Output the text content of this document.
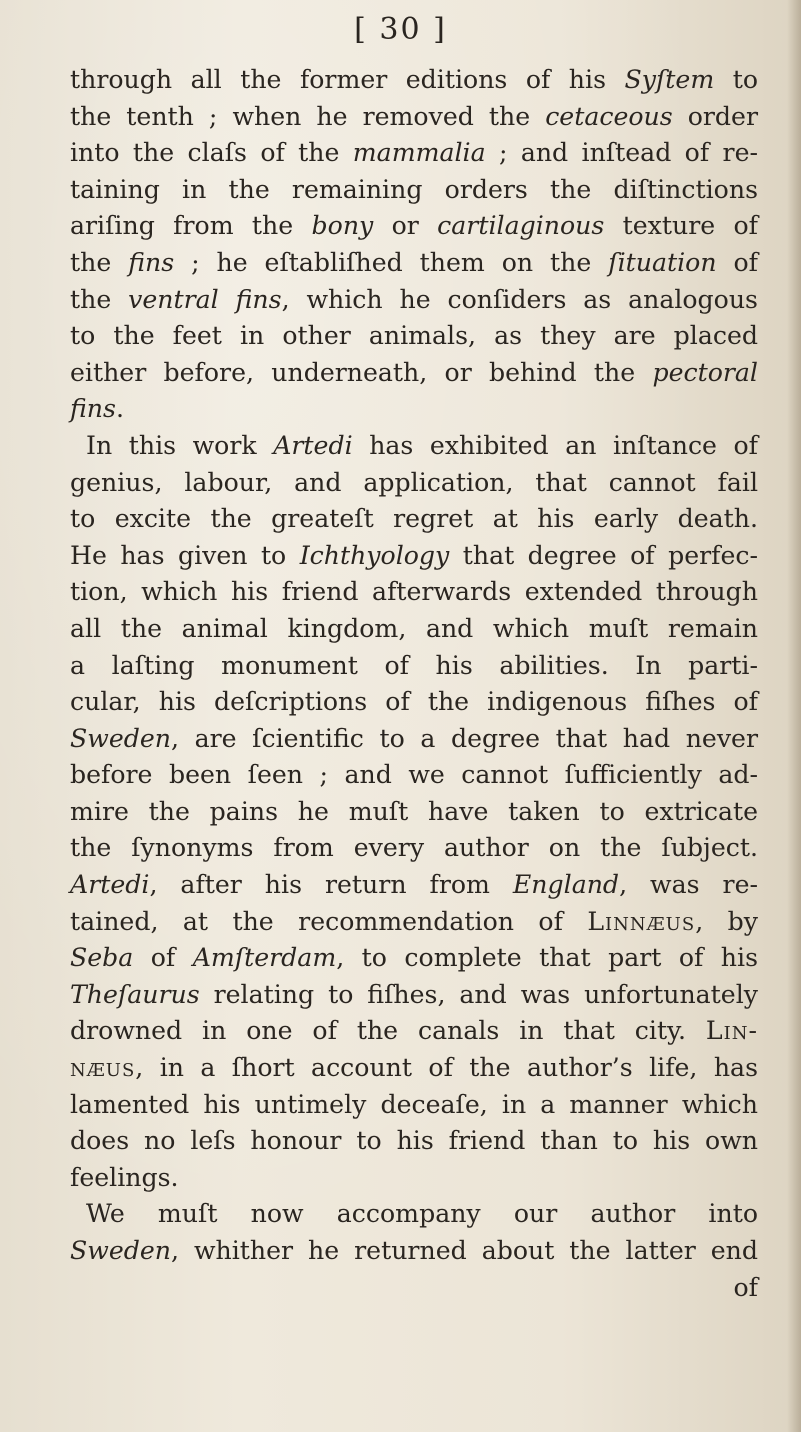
[ 30 ]
through all the former editions of his Syſtem to
the tenth ; when he removed the cetaceous order
into the claſs of the mammalia ; and inſtead of re-
taining in the remaining orders the diſtinctions
ariſing from the bony or cartilaginous texture of
the fins ; he eſtabliſhed them on the ſituation of
the ventral fins, which he conſiders as analogous
to the feet in other animals, as they are placed
either before, underneath, or behind the pectoral
fins.
In this work Artedi has exhibited an inſtance of
genius, labour, and application, that cannot fail
to excite the greateſt regret at his early death.
He has given to Ichthyology that degree of perfec-
tion, which his friend afterwards extended through
all the animal kingdom, and which muſt remain
a laſting monument of his abilities. In parti-
cular, his deſcriptions of the indigenous fiſhes of
Sweden, are ſcientific to a degree that had never
before been ſeen ; and we cannot ſufficiently ad-
mire the pains he muſt have taken to extricate
the ſynonyms from every author on the ſubject.
Artedi, after his return from England, was re-
tained, at the recommendation of Linnæus, by
Seba of Amſterdam, to complete that part of his
Theſaurus relating to fiſhes, and was unfortunately
drowned in one of the canals in that city. Lin-
næus, in a ſhort account of the author’s life, has
lamented his untimely deceaſe, in a manner which
does no leſs honour to his friend than to his own
feelings.
We muſt now accompany our author into
Sweden, whither he returned about the latter end
of
